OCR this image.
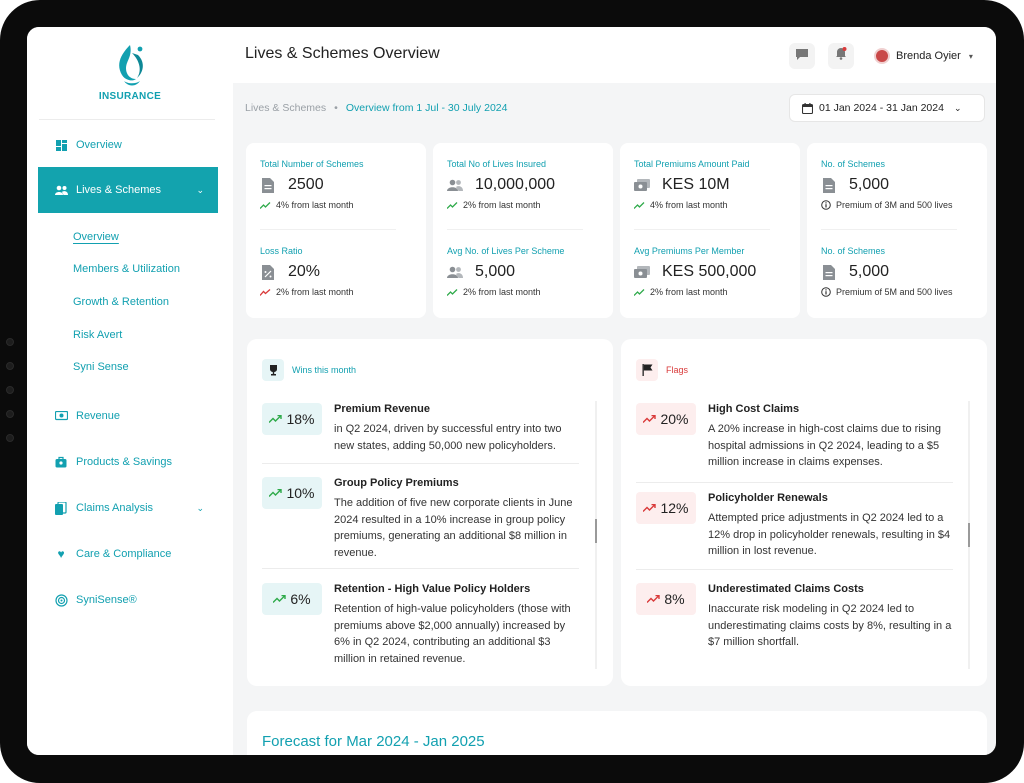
INSURANCE
Overview
Lives & Schemes	⌄
Overview
Members & Utilization
Growth & Retention
Risk Avert
Syni Sense
Revenue
Products & Savings
Claims Analysis	⌄
♥	Care & Compliance
SyniSense®
Lives & Schemes Overview	Brenda Oyier ▾
Lives & Schemes • Overview from 1 Jul - 30 July 2024	01 Jan 2024 - 31 Jan 2024 ⌄
Total Number of Schemes
2500
4% from last month
Loss Ratio
20%
2% from last month
Total No of Lives Insured
10,000,000
2% from last month
Avg No. of Lives Per Scheme
5,000
2% from last month
Total Premiums Amount Paid
KES 10M
4% from last month
Avg Premiums Per Member
KES 500,000
2% from last month
No. of Schemes
5,000
Premium of 3M and 500 lives
No. of Schemes
5,000
Premium of 5M and 500 lives
Wins this month
18%
Premium Revenue
in Q2 2024, driven by successful entry into two new states, adding 50,000 new policyholders.
10%
Group Policy Premiums
The addition of five new corporate clients in June 2024 resulted in a 10% increase in group policy premiums, generating an additional $8 million in revenue.
6%
Retention - High Value Policy Holders
Retention of high-value policyholders (those with premiums above $2,000 annually) increased by 6% in Q2 2024, contributing an additional $3 million in retained revenue.
Flags
20%
High Cost Claims
A 20% increase in high-cost claims due to rising hospital admissions in Q2 2024, leading to a $5 million increase in claims expenses.
12%
Policyholder Renewals
Attempted price adjustments in Q2 2024 led to a 12% drop in policyholder renewals, resulting in $4 million in lost revenue.
8%
Underestimated Claims Costs
Inaccurate risk modeling in Q2 2024 led to underestimating claims costs by 8%, resulting in a $7 million shortfall.
Forecast for Mar 2024 - Jan 2025
